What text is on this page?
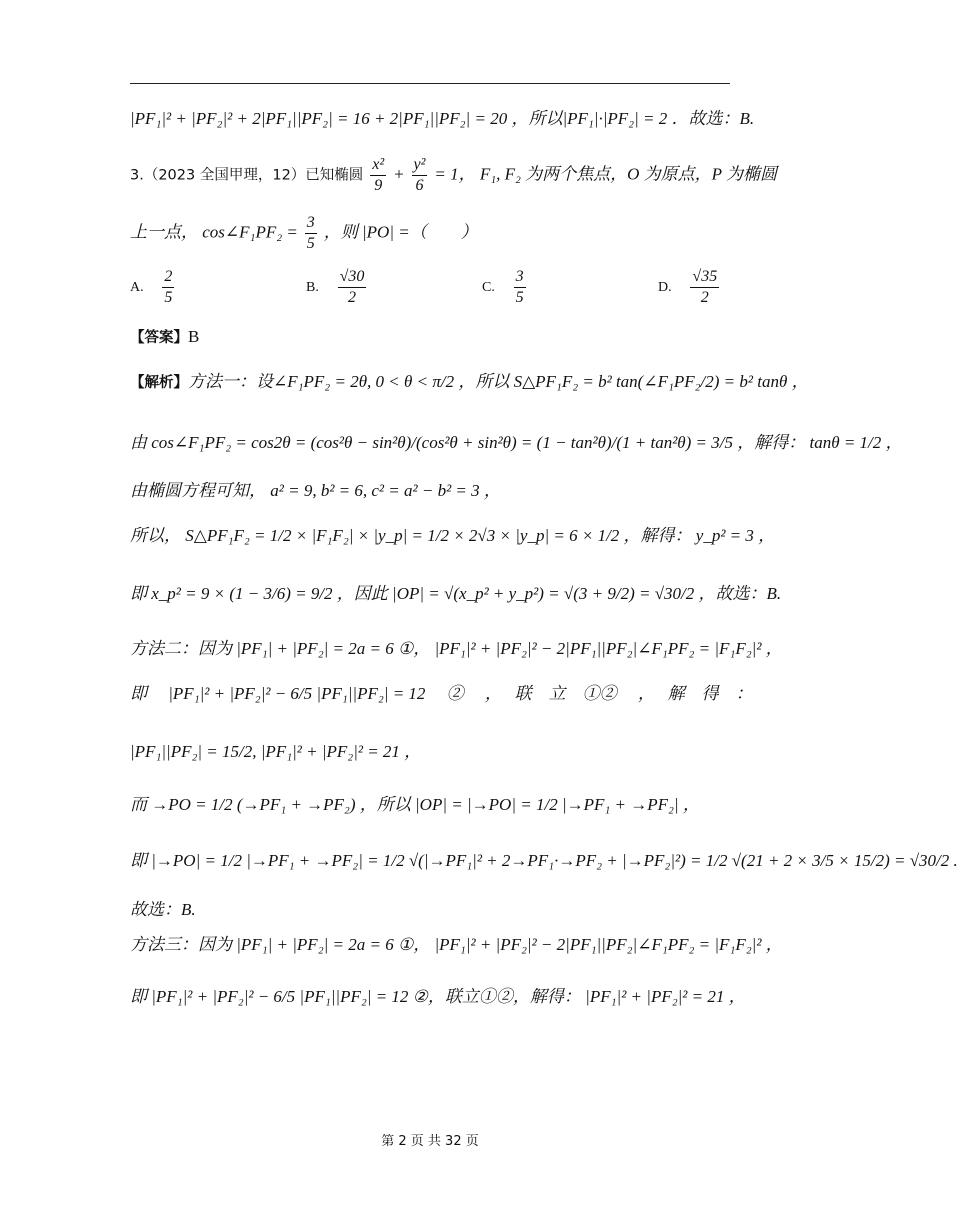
|PF₁|² + |PF₂|² + 2|PF₁||PF₂| = 16 + 2|PF₁||PF₂| = 20 ，所以|PF₁|·|PF₂| = 2 ．故选：B.
3.（2023 全国甲理，12）已知椭圆 $\frac{\text{x²}}{9} + \frac{\text{y²}}{6} = 1$， F₁, F₂ 为两个焦点，O 为原点，P 为椭圆
上一点， cos∠F₁PF₂ = $\frac{3}{5}$ ，则 |PO| =（　　）
A. $\frac{2}{5}$	B. $\frac{√30}{2}$	C. $\frac{3}{5}$	D. $\frac{√35}{2}$
【答案】B
【解析】方法一：设∠F₁PF₂ = 2θ, 0 < θ < π/2 ，所以 S△PF₁F₂ = b² tan(∠F₁PF₂/2) = b² tanθ ，
由 cos∠F₁PF₂ = cos2θ = (cos²θ − sin²θ)/(cos²θ + sin²θ) = (1 − tan²θ)/(1 + tan²θ) = 3/5 ，解得： tanθ = 1/2 ，
由椭圆方程可知， a² = 9, b² = 6, c² = a² − b² = 3 ，
所以， S△PF₁F₂ = 1/2 × |F₁F₂| × |y_p| = 1/2 × 2√3 × |y_p| = 6 × 1/2 ，解得： y_p² = 3 ，
即 x_p² = 9 × (1 − 3/6) = 9/2 ，因此 |OP| = √(x_p² + y_p²) = √(3 + 9/2) = √30/2 ，故选：B.
方法二：因为 |PF₁| + |PF₂| = 2a = 6 ①， |PF₁|² + |PF₂|² − 2|PF₁||PF₂|∠F₁PF₂ = |F₁F₂|² ，
即　 |PF₁|² + |PF₂|² − 6/5 |PF₁||PF₂| = 12　 ②　 ，　 联　立　①②　 ，　 解　得　：
|PF₁||PF₂| = 15/2, |PF₁|² + |PF₂|² = 21 ，
而 →PO = 1/2 (→PF₁ + →PF₂) ，所以 |OP| = |→PO| = 1/2 |→PF₁ + →PF₂| ，
即 |→PO| = 1/2 |→PF₁ + →PF₂| = 1/2 √(|→PF₁|² + 2→PF₁·→PF₂ + |→PF₂|²) = 1/2 √(21 + 2 × 3/5 × 15/2) = √30/2 .
故选：B.
方法三：因为 |PF₁| + |PF₂| = 2a = 6 ①， |PF₁|² + |PF₂|² − 2|PF₁||PF₂|∠F₁PF₂ = |F₁F₂|² ，
即 |PF₁|² + |PF₂|² − 6/5 |PF₁||PF₂| = 12 ②，联立①②，解得： |PF₁|² + |PF₂|² = 21 ，
第 2 页 共 32 页
